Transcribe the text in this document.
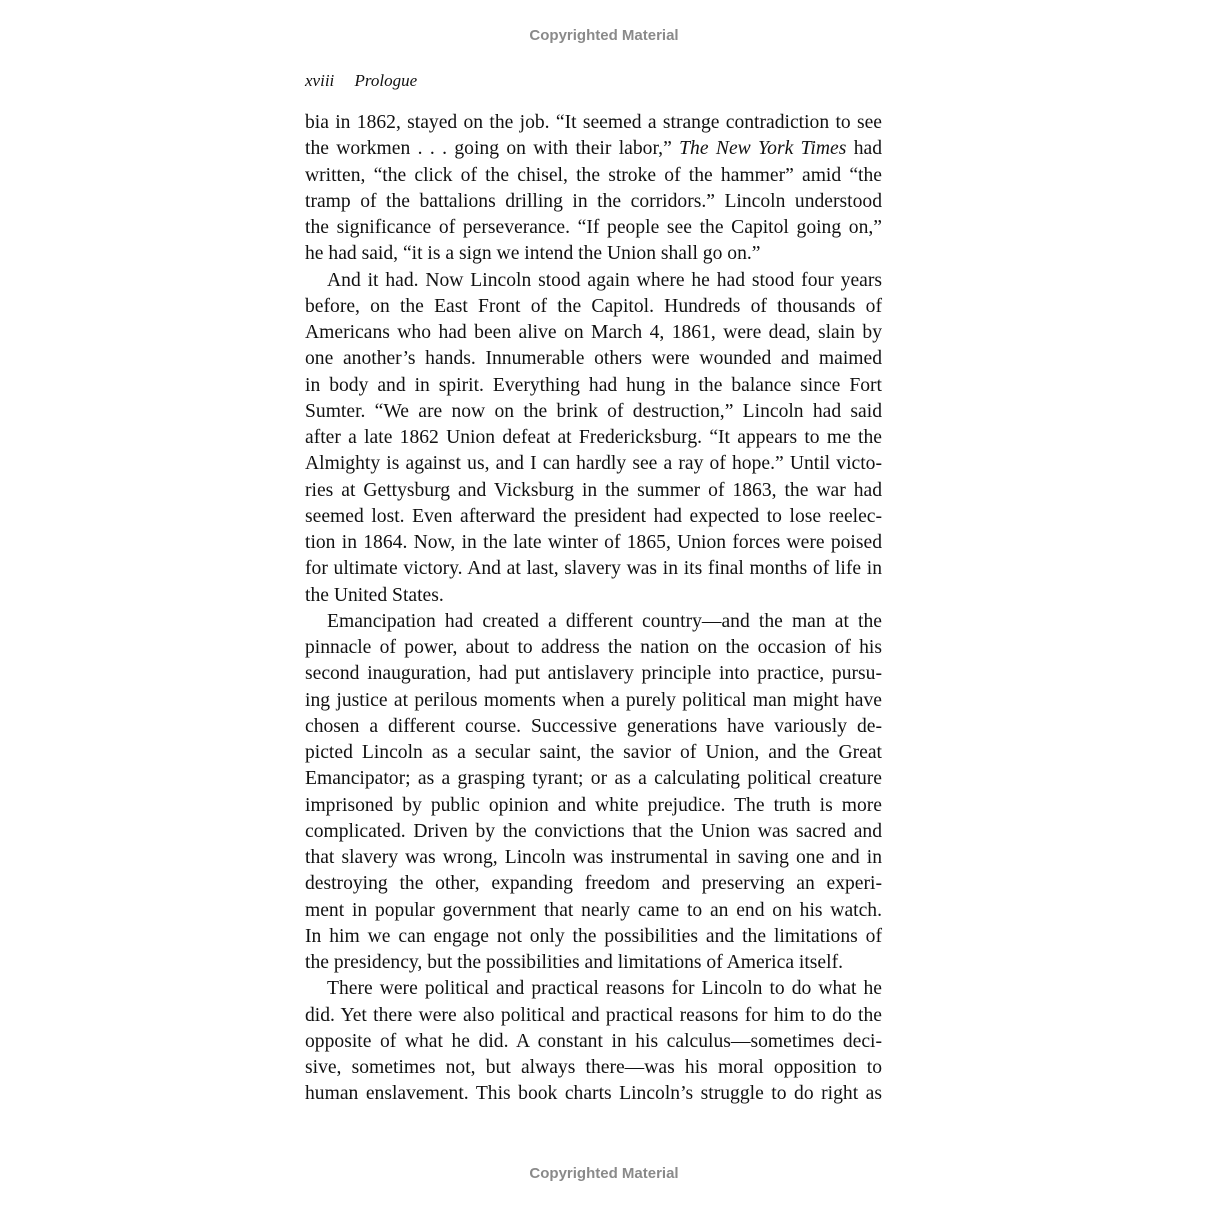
Copyrighted Material
xviii Prologue

bia in 1862, stayed on the job. “It seemed a strange contradiction to see
the workmen . . . going on with their labor,” The New York Times had
written, “the click of the chisel, the stroke of the hammer” amid “the
tramp of the battalions drilling in the corridors.” Lincoln understood
the significance of perseverance. “If people see the Capitol going on,”
he had said, “it is a sign we intend the Union shall go on.”

And it had. Now Lincoln stood again where he had stood four years
before, on the East Front of the Capitol. Hundreds of thousands of
Americans who had been alive on March 4, 1861, were dead, slain by
one another’s hands. Innumerable others were wounded and maimed
in body and in spirit. Everything had hung in the balance since Fort
Sumter. “We are now on the brink of destruction,” Lincoln had said
after a late 1862 Union defeat at Fredericksburg. “It appears to me the
Almighty is against us, and I can hardly see a ray of hope.” Until victo-
ries at Gettysburg and Vicksburg in the summer of 1863, the war had
seemed lost. Even afterward the president had expected to lose reelec-
tion in 1864. Now, in the late winter of 1865, Union forces were poised
for ultimate victory. And at last, slavery was in its final months of life in
the United States.

Emancipation had created a different country—and the man at the
pinnacle of power, about to address the nation on the occasion of his
second inauguration, had put antislavery principle into practice, pursu-
ing justice at perilous moments when a purely political man might have
chosen a different course. Successive generations have variously de-
picted Lincoln as a secular saint, the savior of Union, and the Great
Emancipator; as a grasping tyrant; or as a calculating political creature
imprisoned by public opinion and white prejudice. The truth is more
complicated. Driven by the convictions that the Union was sacred and
that slavery was wrong, Lincoln was instrumental in saving one and in
destroying the other, expanding freedom and preserving an experi-
ment in popular government that nearly came to an end on his watch.
In him we can engage not only the possibilities and the limitations of
the presidency, but the possibilities and limitations of America itself.

There were political and practical reasons for Lincoln to do what he
did. Yet there were also political and practical reasons for him to do the
opposite of what he did. A constant in his calculus—sometimes deci-
sive, sometimes not, but always there—was his moral opposition to
human enslavement. This book charts Lincoln’s struggle to do right as

Copyrighted Material
